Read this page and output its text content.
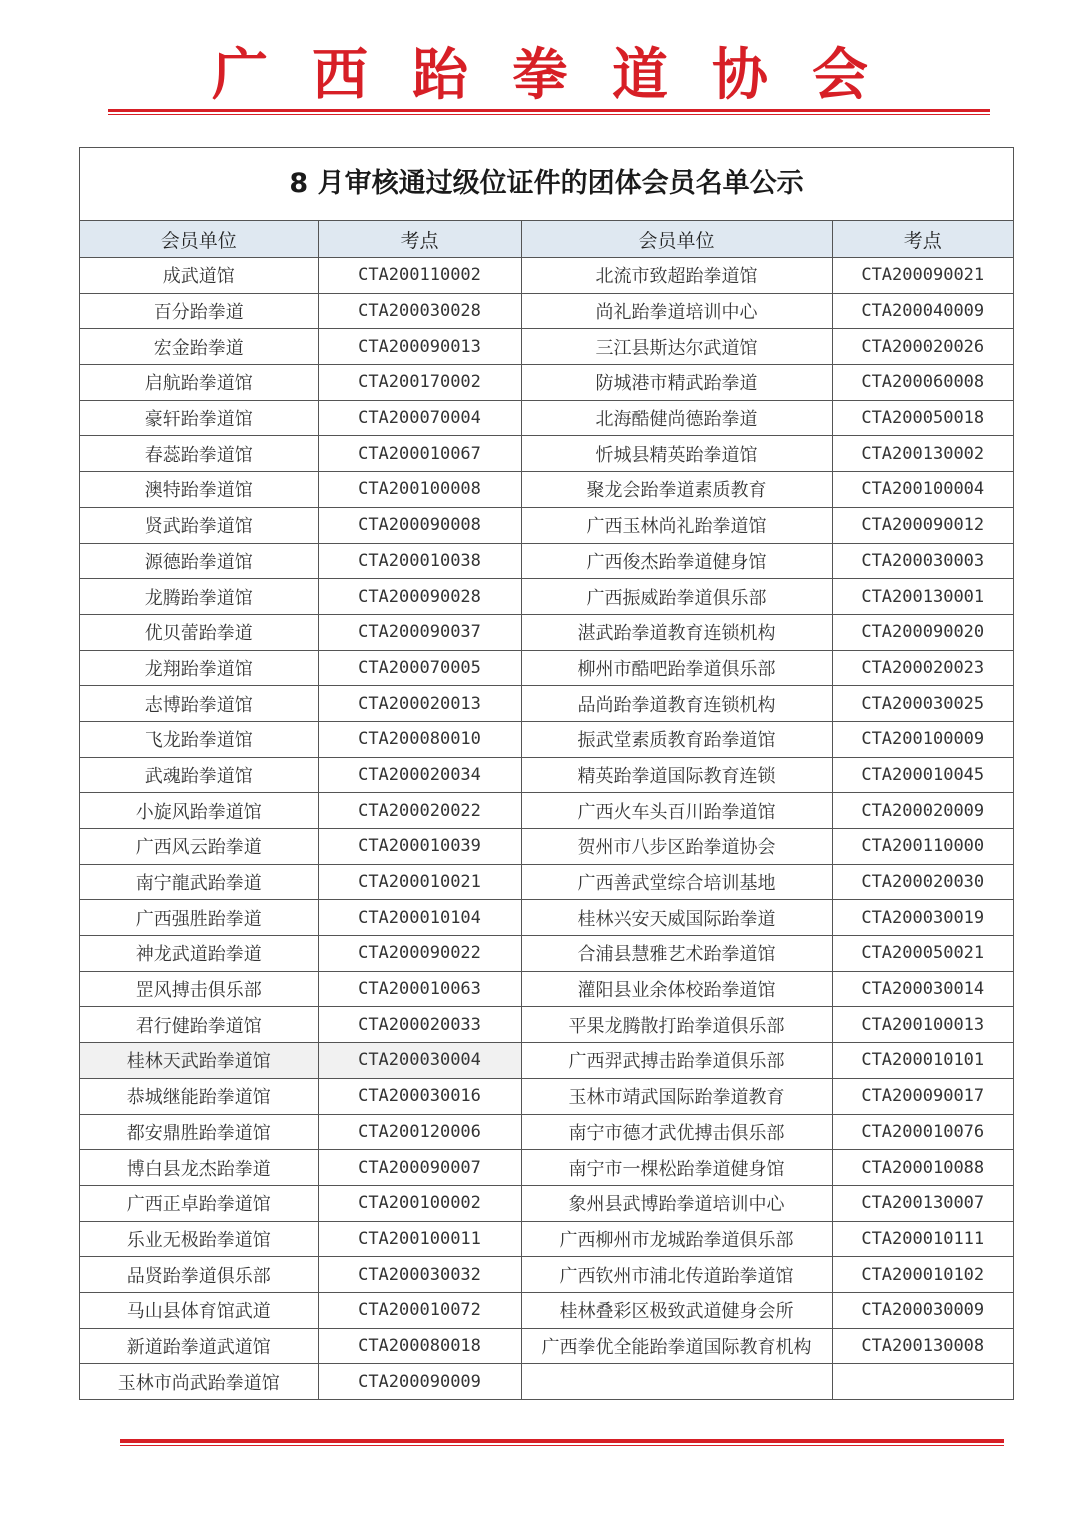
广西跆拳道协会
8 月审核通过级位证件的团体会员名单公示
会员单位	考点	会员单位	考点
成武道馆	CTA200110002	北流市致超跆拳道馆	CTA200090021
百分跆拳道	CTA200030028	尚礼跆拳道培训中心	CTA200040009
宏金跆拳道	CTA200090013	三江县斯达尔武道馆	CTA200020026
启航跆拳道馆	CTA200170002	防城港市精武跆拳道	CTA200060008
豪轩跆拳道馆	CTA200070004	北海酷健尚德跆拳道	CTA200050018
春蕊跆拳道馆	CTA200010067	忻城县精英跆拳道馆	CTA200130002
澳特跆拳道馆	CTA200100008	聚龙会跆拳道素质教育	CTA200100004
贤武跆拳道馆	CTA200090008	广西玉林尚礼跆拳道馆	CTA200090012
源德跆拳道馆	CTA200010038	广西俊杰跆拳道健身馆	CTA200030003
龙腾跆拳道馆	CTA200090028	广西振威跆拳道俱乐部	CTA200130001
优贝蕾跆拳道	CTA200090037	湛武跆拳道教育连锁机构	CTA200090020
龙翔跆拳道馆	CTA200070005	柳州市酷吧跆拳道俱乐部	CTA200020023
志博跆拳道馆	CTA200020013	品尚跆拳道教育连锁机构	CTA200030025
飞龙跆拳道馆	CTA200080010	振武堂素质教育跆拳道馆	CTA200100009
武魂跆拳道馆	CTA200020034	精英跆拳道国际教育连锁	CTA200010045
小旋风跆拳道馆	CTA200020022	广西火车头百川跆拳道馆	CTA200020009
广西风云跆拳道	CTA200010039	贺州市八步区跆拳道协会	CTA200110000
南宁龍武跆拳道	CTA200010021	广西善武堂综合培训基地	CTA200020030
广西强胜跆拳道	CTA200010104	桂林兴安天威国际跆拳道	CTA200030019
神龙武道跆拳道	CTA200090022	合浦县慧雅艺术跆拳道馆	CTA200050021
罡风搏击俱乐部	CTA200010063	灌阳县业余体校跆拳道馆	CTA200030014
君行健跆拳道馆	CTA200020033	平果龙腾散打跆拳道俱乐部	CTA200100013
桂林天武跆拳道馆	CTA200030004	广西羿武搏击跆拳道俱乐部	CTA200010101
恭城继能跆拳道馆	CTA200030016	玉林市靖武国际跆拳道教育	CTA200090017
都安鼎胜跆拳道馆	CTA200120006	南宁市德才武优搏击俱乐部	CTA200010076
博白县龙杰跆拳道	CTA200090007	南宁市一棵松跆拳道健身馆	CTA200010088
广西正卓跆拳道馆	CTA200100002	象州县武博跆拳道培训中心	CTA200130007
乐业无极跆拳道馆	CTA200100011	广西柳州市龙城跆拳道俱乐部	CTA200010111
品贤跆拳道俱乐部	CTA200030032	广西钦州市浦北传道跆拳道馆	CTA200010102
马山县体育馆武道	CTA200010072	桂林叠彩区极致武道健身会所	CTA200030009
新道跆拳道武道馆	CTA200080018	广西拳优全能跆拳道国际教育机构	CTA200130008
玉林市尚武跆拳道馆	CTA200090009		
